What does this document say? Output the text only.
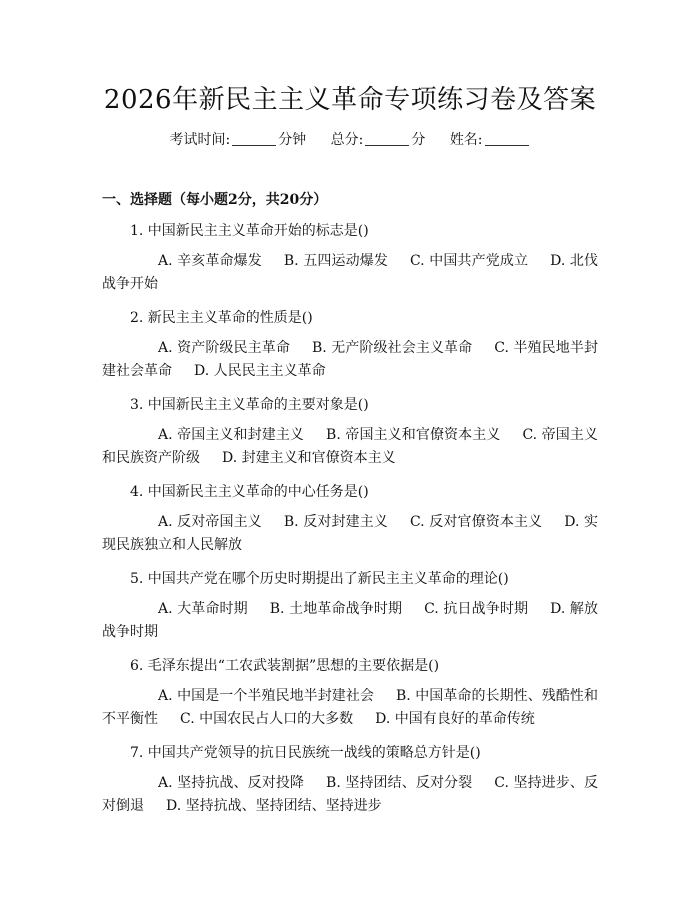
2026年新民主主义革命专项练习卷及答案
考试时间:	分钟 总分:	分 姓名:
一、选择题（每小题2分，共20分）
1. 中国新民主主义革命开始的标志是()
A. 辛亥革命爆发 B. 五四运动爆发 C. 中国共产党成立 D. 北伐战争开始
2. 新民主主义革命的性质是()
A. 资产阶级民主革命 B. 无产阶级社会主义革命 C. 半殖民地半封建社会革命 D. 人民民主主义革命
3. 中国新民主主义革命的主要对象是()
A. 帝国主义和封建主义 B. 帝国主义和官僚资本主义 C. 帝国主义和民族资产阶级 D. 封建主义和官僚资本主义
4. 中国新民主主义革命的中心任务是()
A. 反对帝国主义 B. 反对封建主义 C. 反对官僚资本主义 D. 实现民族独立和人民解放
5. 中国共产党在哪个历史时期提出了新民主主义革命的理论()
A. 大革命时期 B. 土地革命战争时期 C. 抗日战争时期 D. 解放战争时期
6. 毛泽东提出“工农武装割据”思想的主要依据是()
A. 中国是一个半殖民地半封建社会 B. 中国革命的长期性、残酷性和不平衡性 C. 中国农民占人口的大多数 D. 中国有良好的革命传统
7. 中国共产党领导的抗日民族统一战线的策略总方针是()
A. 坚持抗战、反对投降 B. 坚持团结、反对分裂 C. 坚持进步、反对倒退 D. 坚持抗战、坚持团结、坚持进步
